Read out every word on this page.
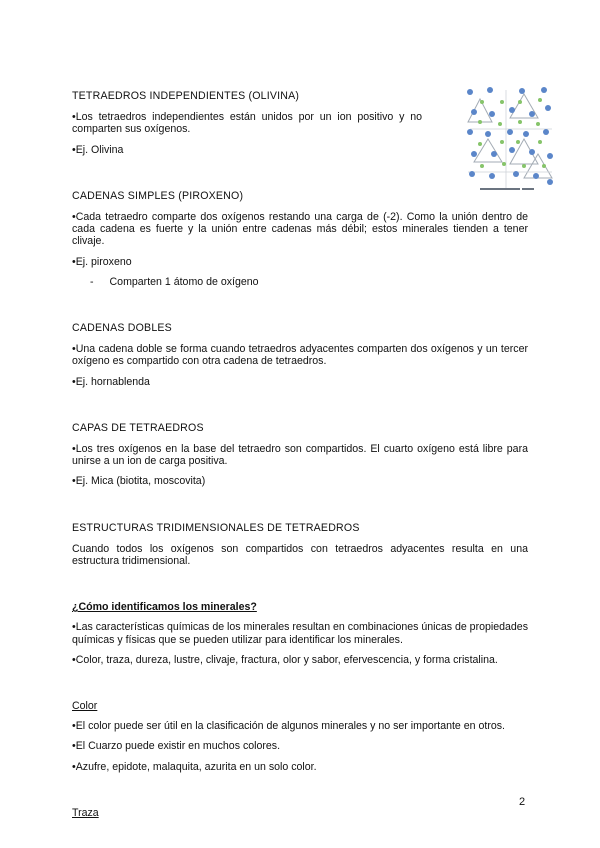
TETRAEDROS INDEPENDIENTES (OLIVINA)
•Los tetraedros independientes están unidos por un ion positivo y no comparten sus oxígenos.
•Ej. Olivina
CADENAS SIMPLES (PIROXENO)
•Cada tetraedro comparte dos oxígenos restando una carga de (-2). Como la unión dentro de cada cadena es fuerte y la unión entre cadenas más débil; estos minerales tienden a tener clivaje.
•Ej. piroxeno
- Comparten 1 átomo de oxígeno
CADENAS DOBLES
•Una cadena doble se forma cuando tetraedros adyacentes comparten dos oxígenos y un tercer oxígeno es compartido con otra cadena de tetraedros.
•Ej. hornablenda
CAPAS DE TETRAEDROS
•Los tres oxígenos en la base del tetraedro son compartidos. El cuarto oxígeno está libre para unirse a un ion de carga positiva.
•Ej. Mica (biotita, moscovita)
ESTRUCTURAS TRIDIMENSIONALES DE TETRAEDROS
Cuando todos los oxígenos son compartidos con tetraedros adyacentes resulta en una estructura tridimensional.
¿Cómo identificamos los minerales?
•Las características químicas de los minerales resultan en combinaciones únicas de propiedades químicas y físicas que se pueden utilizar para identificar los minerales.
•Color, traza, dureza, lustre, clivaje, fractura, olor y sabor, efervescencia, y forma cristalina.
Color
•El color puede ser útil en la clasificación de algunos minerales y no ser importante en otros.
•El Cuarzo puede existir en muchos colores.
•Azufre, epidote, malaquita, azurita en un solo color.
Traza
2
